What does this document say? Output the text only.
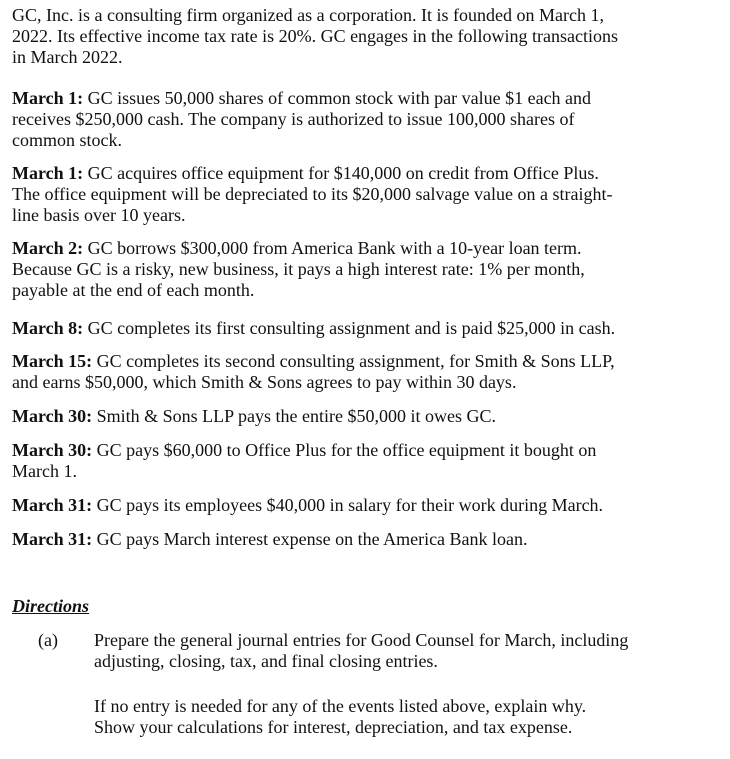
GC, Inc. is a consulting firm organized as a corporation. It is founded on March 1,
2022. Its effective income tax rate is 20%. GC engages in the following transactions
in March 2022.
March 1: GC issues 50,000 shares of common stock with par value $1 each and
receives $250,000 cash. The company is authorized to issue 100,000 shares of
common stock.
March 1: GC acquires office equipment for $140,000 on credit from Office Plus.
The office equipment will be depreciated to its $20,000 salvage value on a straight-
line basis over 10 years.
March 2: GC borrows $300,000 from America Bank with a 10-year loan term.
Because GC is a risky, new business, it pays a high interest rate: 1% per month,
payable at the end of each month.
March 8: GC completes its first consulting assignment and is paid $25,000 in cash.
March 15: GC completes its second consulting assignment, for Smith & Sons LLP,
and earns $50,000, which Smith & Sons agrees to pay within 30 days.
March 30: Smith & Sons LLP pays the entire $50,000 it owes GC.
March 30: GC pays $60,000 to Office Plus for the office equipment it bought on
March 1.
March 31: GC pays its employees $40,000 in salary for their work during March.
March 31: GC pays March interest expense on the America Bank loan.
Directions
(a) Prepare the general journal entries for Good Counsel for March, including
adjusting, closing, tax, and final closing entries.
If no entry is needed for any of the events listed above, explain why.
Show your calculations for interest, depreciation, and tax expense.
